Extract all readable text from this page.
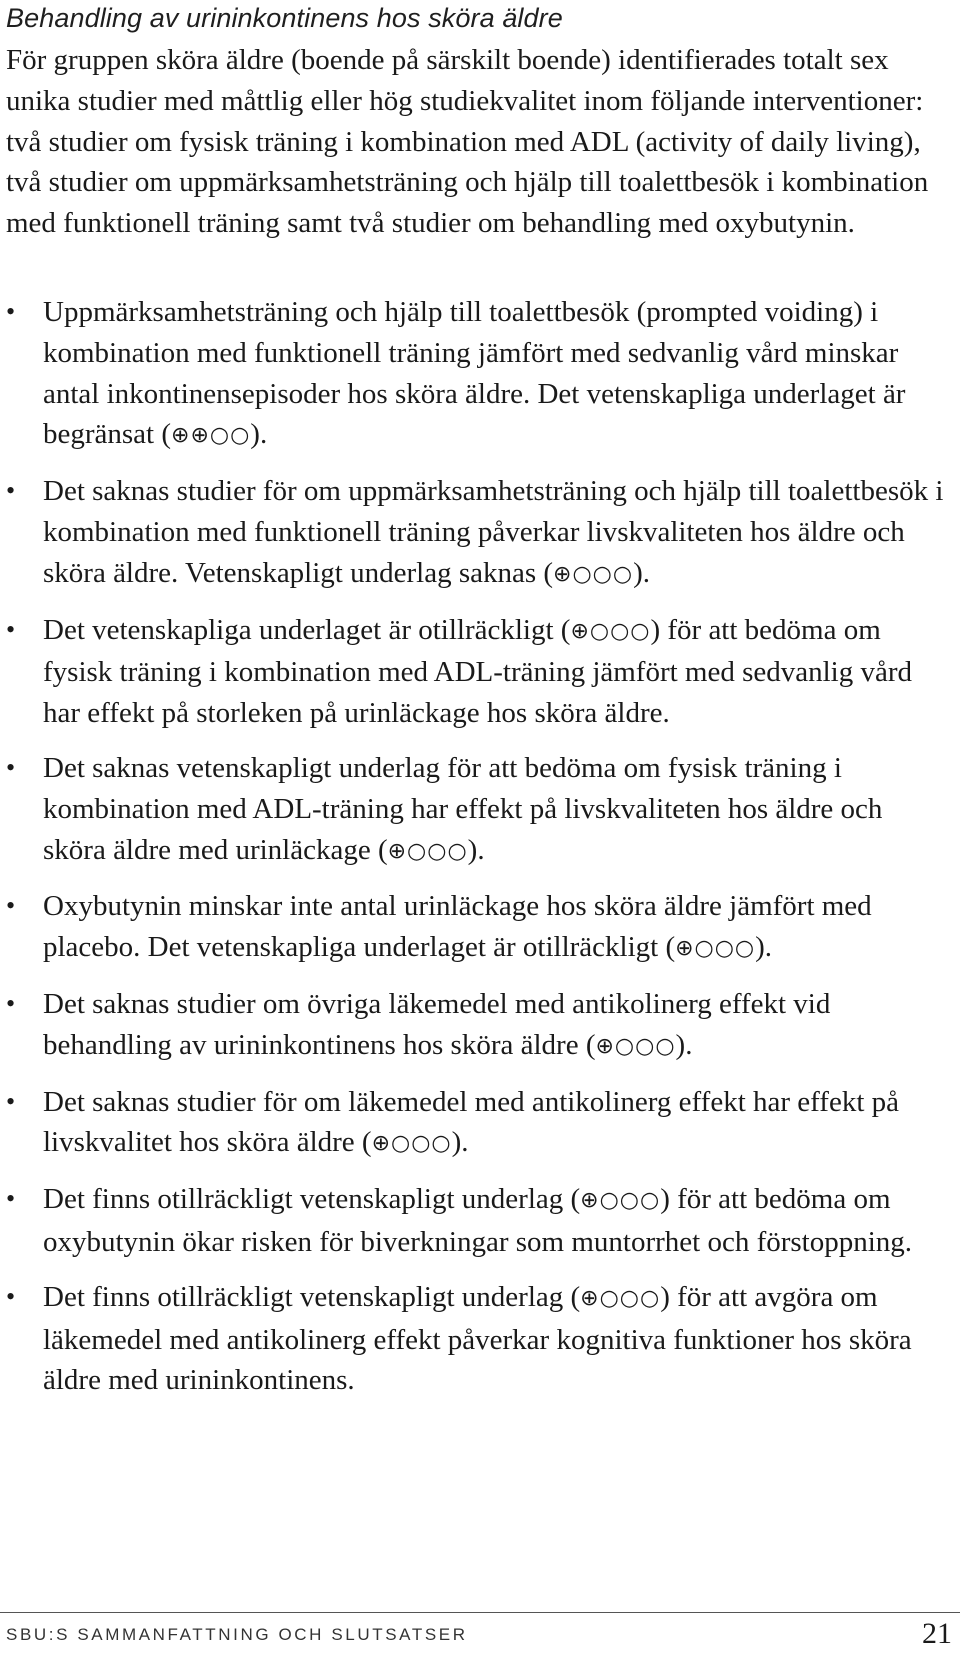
Behandling av urininkontinens hos sköra äldre

För gruppen sköra äldre (boende på särskilt boende) identifierades totalt sex unika studier med måttlig eller hög studiekvalitet inom följande interventioner: två studier om fysisk träning i kombination med ADL (activity of daily living), två studier om uppmärksamhetsträning och hjälp till toalettbesök i kombination med funktionell träning samt två studier om behandling med oxybutynin.

• Uppmärksamhetsträning och hjälp till toalettbesök (prompted voiding) i kombination med funktionell träning jämfört med sedvanlig vård minskar antal inkontinensepisoder hos sköra äldre. Det vetenskapliga underlaget är begränsat (⊕⊕○○).
• Det saknas studier för om uppmärksamhetsträning och hjälp till toalettbesök i kombination med funktionell träning påverkar livskvaliteten hos äldre och sköra äldre. Vetenskapligt underlag saknas (⊕○○○).
• Det vetenskapliga underlaget är otillräckligt (⊕○○○) för att bedöma om fysisk träning i kombination med ADL-träning jämfört med sedvanlig vård har effekt på storleken på urinläckage hos sköra äldre.
• Det saknas vetenskapligt underlag för att bedöma om fysisk träning i kombination med ADL-träning har effekt på livskvaliteten hos äldre och sköra äldre med urinläckage (⊕○○○).
• Oxybutynin minskar inte antal urinläckage hos sköra äldre jämfört med placebo. Det vetenskapliga underlaget är otillräckligt (⊕○○○).
• Det saknas studier om övriga läkemedel med antikolinerg effekt vid behandling av urininkontinens hos sköra äldre (⊕○○○).
• Det saknas studier för om läkemedel med antikolinerg effekt har effekt på livskvalitet hos sköra äldre (⊕○○○).
• Det finns otillräckligt vetenskapligt underlag (⊕○○○) för att bedöma om oxybutynin ökar risken för biverkningar som muntorrhet och förstoppning.
• Det finns otillräckligt vetenskapligt underlag (⊕○○○) för att avgöra om läkemedel med antikolinerg effekt påverkar kognitiva funktioner hos sköra äldre med urininkontinens.
SBU:S SAMMANFATTNING OCH SLUTSATSER	21
